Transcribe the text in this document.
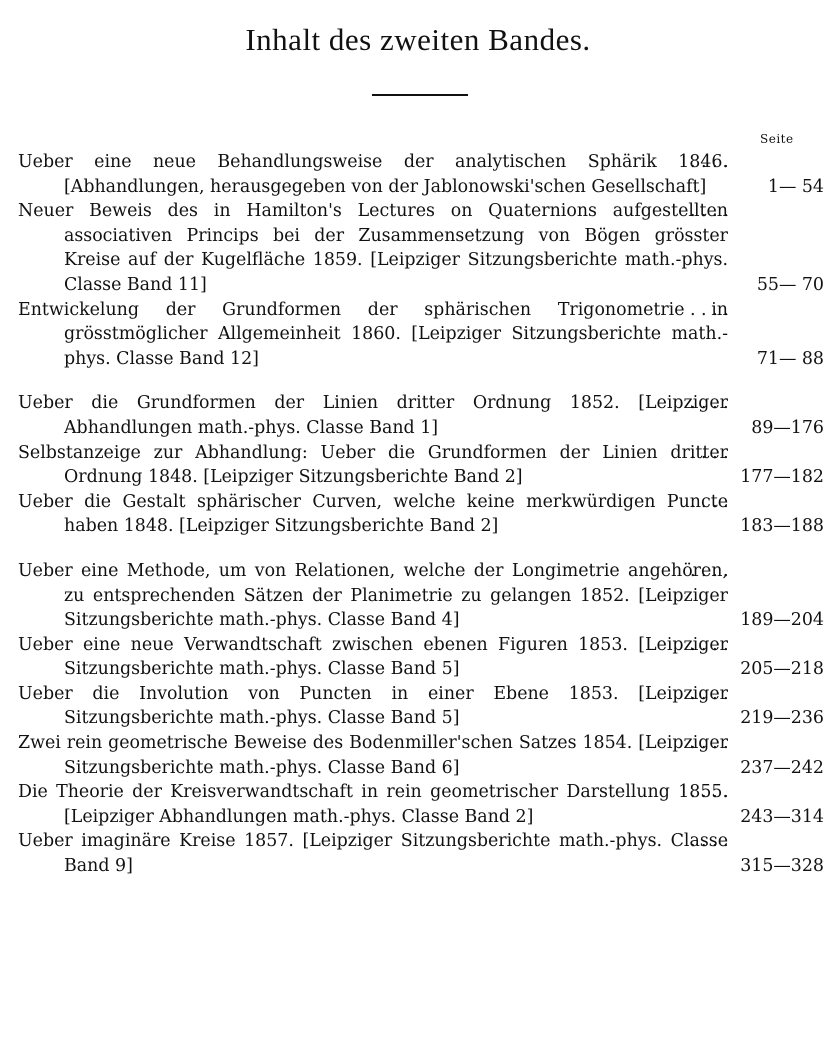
Inhalt des zweiten Bandes.
Seite
Ueber eine neue Behandlungsweise der analytischen Sphärik 1846. [Abhandlungen, herausgegeben von der Jablonowski'schen Gesellschaft]	1— 54
Neuer Beweis des in Hamilton's Lectures on Quaternions aufgestellten associativen Princips bei der Zusammensetzung von Bögen grösster Kreise auf der Kugelfläche 1859. [Leipziger Sitzungsberichte math.-phys. Classe Band 11]	55— 70
Entwickelung der Grundformen der sphärischen Trigonometrie in grösstmöglicher Allgemeinheit 1860. [Leipziger Sitzungsberichte math.-phys. Classe Band 12]	71— 88
Ueber die Grundformen der Linien dritter Ordnung 1852. [Leipziger Abhandlungen math.-phys. Classe Band 1]	89—176
Selbstanzeige zur Abhandlung: Ueber die Grundformen der Linien dritter Ordnung 1848. [Leipziger Sitzungsberichte Band 2]	177—182
Ueber die Gestalt sphärischer Curven, welche keine merkwürdigen Puncte haben 1848. [Leipziger Sitzungsberichte Band 2]	183—188
Ueber eine Methode, um von Relationen, welche der Longimetrie angehören, zu entsprechenden Sätzen der Planimetrie zu gelangen 1852. [Leipziger Sitzungsberichte math.-phys. Classe Band 4]	189—204
Ueber eine neue Verwandtschaft zwischen ebenen Figuren 1853. [Leipziger Sitzungsberichte math.-phys. Classe Band 5]	205—218
Ueber die Involution von Puncten in einer Ebene 1853. [Leipziger Sitzungsberichte math.-phys. Classe Band 5]	219—236
Zwei rein geometrische Beweise des Bodenmiller'schen Satzes 1854. [Leipziger Sitzungsberichte math.-phys. Classe Band 6]	237—242
Die Theorie der Kreisverwandtschaft in rein geometrischer Darstellung 1855. [Leipziger Abhandlungen math.-phys. Classe Band 2]	243—314
Ueber imaginäre Kreise 1857. [Leipziger Sitzungsberichte math.-phys. Classe Band 9]	315—328
